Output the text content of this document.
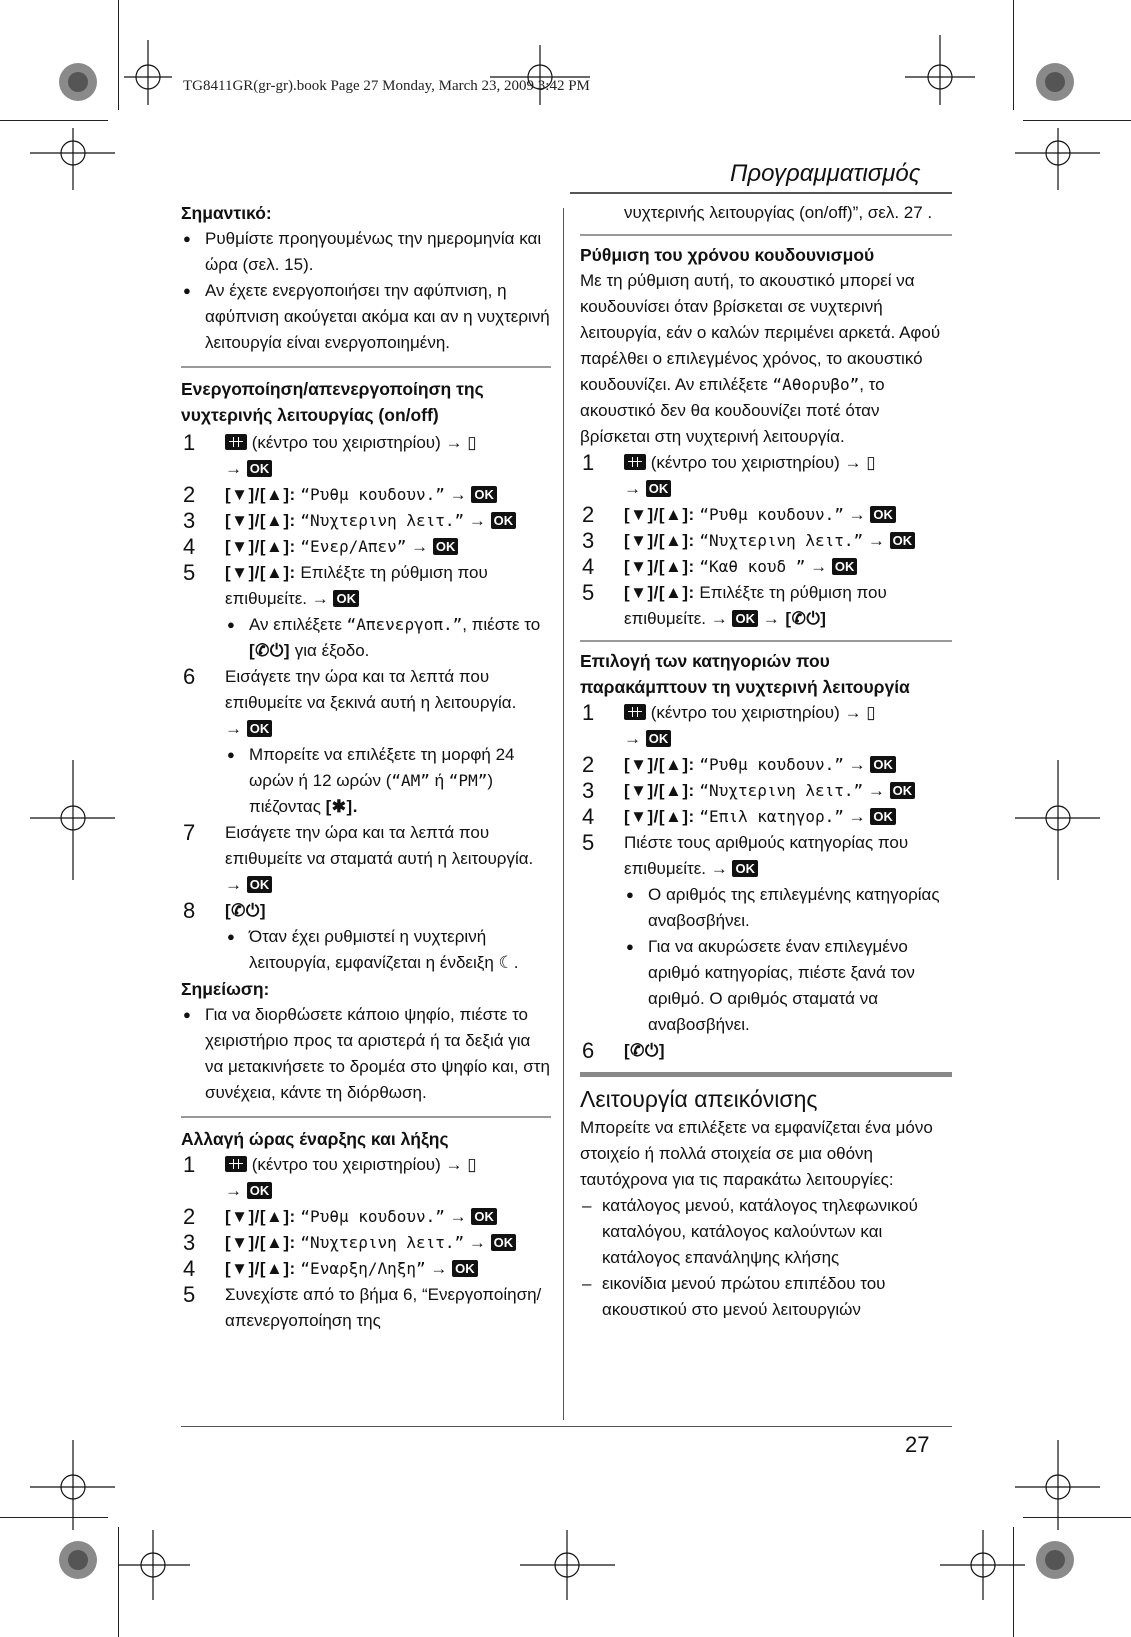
TG8411GR(gr-gr).book Page 27 Monday, March 23, 2009 3:42 PM
Προγραμματισμός
Σημαντικό:
● Ρυθμίστε προηγουμένως την ημερομηνία και ώρα (σελ. 15).
● Αν έχετε ενεργοποιήσει την αφύπνιση, η αφύπνιση ακούγεται ακόμα και αν η νυχτερινή λειτουργία είναι ενεργοποιημένη.
Ενεργοποίηση/απενεργοποίηση της νυχτερινής λειτουργίας (on/off)
1	(κέντρο του χειριστηρίου) → ▯
→ OK
2 [▼]/[▲]: “Ρυθμ κουδουν.” → OK
3 [▼]/[▲]: “Νυχτερινη λειτ.” → OK
4 [▼]/[▲]: “Ενερ/Απεν” → OK
5 [▼]/[▲]: Επιλέξτε τη ρύθμιση που επιθυμείτε. → OK
● Αν επιλέξετε “Απενεργοπ.”, πιέστε το [✆⏻] για έξοδο.
6 Εισάγετε την ώρα και τα λεπτά που επιθυμείτε να ξεκινά αυτή η λειτουργία.
→ OK
● Μπορείτε να επιλέξετε τη μορφή 24 ωρών ή 12 ωρών (“AM” ή “PM”) πιέζοντας [✱].
7 Εισάγετε την ώρα και τα λεπτά που επιθυμείτε να σταματά αυτή η λειτουργία. → OK
8 [✆⏻]
● Όταν έχει ρυθμιστεί η νυχτερινή λειτουργία, εμφανίζεται η ένδειξη ☾.
Σημείωση:
● Για να διορθώσετε κάποιο ψηφίο, πιέστε το χειριστήριο προς τα αριστερά ή τα δεξιά για να μετακινήσετε το δρομέα στο ψηφίο και, στη συνέχεια, κάντε τη διόρθωση.
Αλλαγή ώρας έναρξης και λήξης
1	(κέντρο του χειριστηρίου) → ▯
→ OK
2 [▼]/[▲]: “Ρυθμ κουδουν.” → OK
3 [▼]/[▲]: “Νυχτερινη λειτ.” → OK
4 [▼]/[▲]: “Εναρξη/Ληξη” → OK
5 Συνεχίστε από το βήμα 6, “Ενεργοποίηση/απενεργοποίηση της
νυχτερινής λειτουργίας (on/off)”, σελ. 27 .
Ρύθμιση του χρόνου κουδουνισμού
Με τη ρύθμιση αυτή, το ακουστικό μπορεί να κουδουνίσει όταν βρίσκεται σε νυχτερινή λειτουργία, εάν ο καλών περιμένει αρκετά. Αφού παρέλθει ο επιλεγμένος χρόνος, το ακουστικό κουδουνίζει. Αν επιλέξετε “Αθορυβο”, το ακουστικό δεν θα κουδουνίζει ποτέ όταν βρίσκεται στη νυχτερινή λειτουργία.
1	(κέντρο του χειριστηρίου) → ▯
→ OK
2 [▼]/[▲]: “Ρυθμ κουδουν.” → OK
3 [▼]/[▲]: “Νυχτερινη λειτ.” → OK
4 [▼]/[▲]: “Καθ κουδ ” → OK
5 [▼]/[▲]: Επιλέξτε τη ρύθμιση που επιθυμείτε. → OK → [✆⏻]
Επιλογή των κατηγοριών που παρακάμπτουν τη νυχτερινή λειτουργία
1	(κέντρο του χειριστηρίου) → ▯
→ OK
2 [▼]/[▲]: “Ρυθμ κουδουν.” → OK
3 [▼]/[▲]: “Νυχτερινη λειτ.” → OK
4 [▼]/[▲]: “Επιλ κατηγορ.” → OK
5 Πιέστε τους αριθμούς κατηγορίας που επιθυμείτε. → OK
● Ο αριθμός της επιλεγμένης κατηγορίας αναβοσβήνει.
● Για να ακυρώσετε έναν επιλεγμένο αριθμό κατηγορίας, πιέστε ξανά τον αριθμό. Ο αριθμός σταματά να αναβοσβήνει.
6 [✆⏻]
Λειτουργία απεικόνισης
Μπορείτε να επιλέξετε να εμφανίζεται ένα μόνο στοιχείο ή πολλά στοιχεία σε μια οθόνη ταυτόχρονα για τις παρακάτω λειτουργίες:
– κατάλογος μενού, κατάλογος τηλεφωνικού καταλόγου, κατάλογος καλούντων και κατάλογος επανάληψης κλήσης
– εικονίδια μενού πρώτου επιπέδου του ακουστικού στο μενού λειτουργιών
27
